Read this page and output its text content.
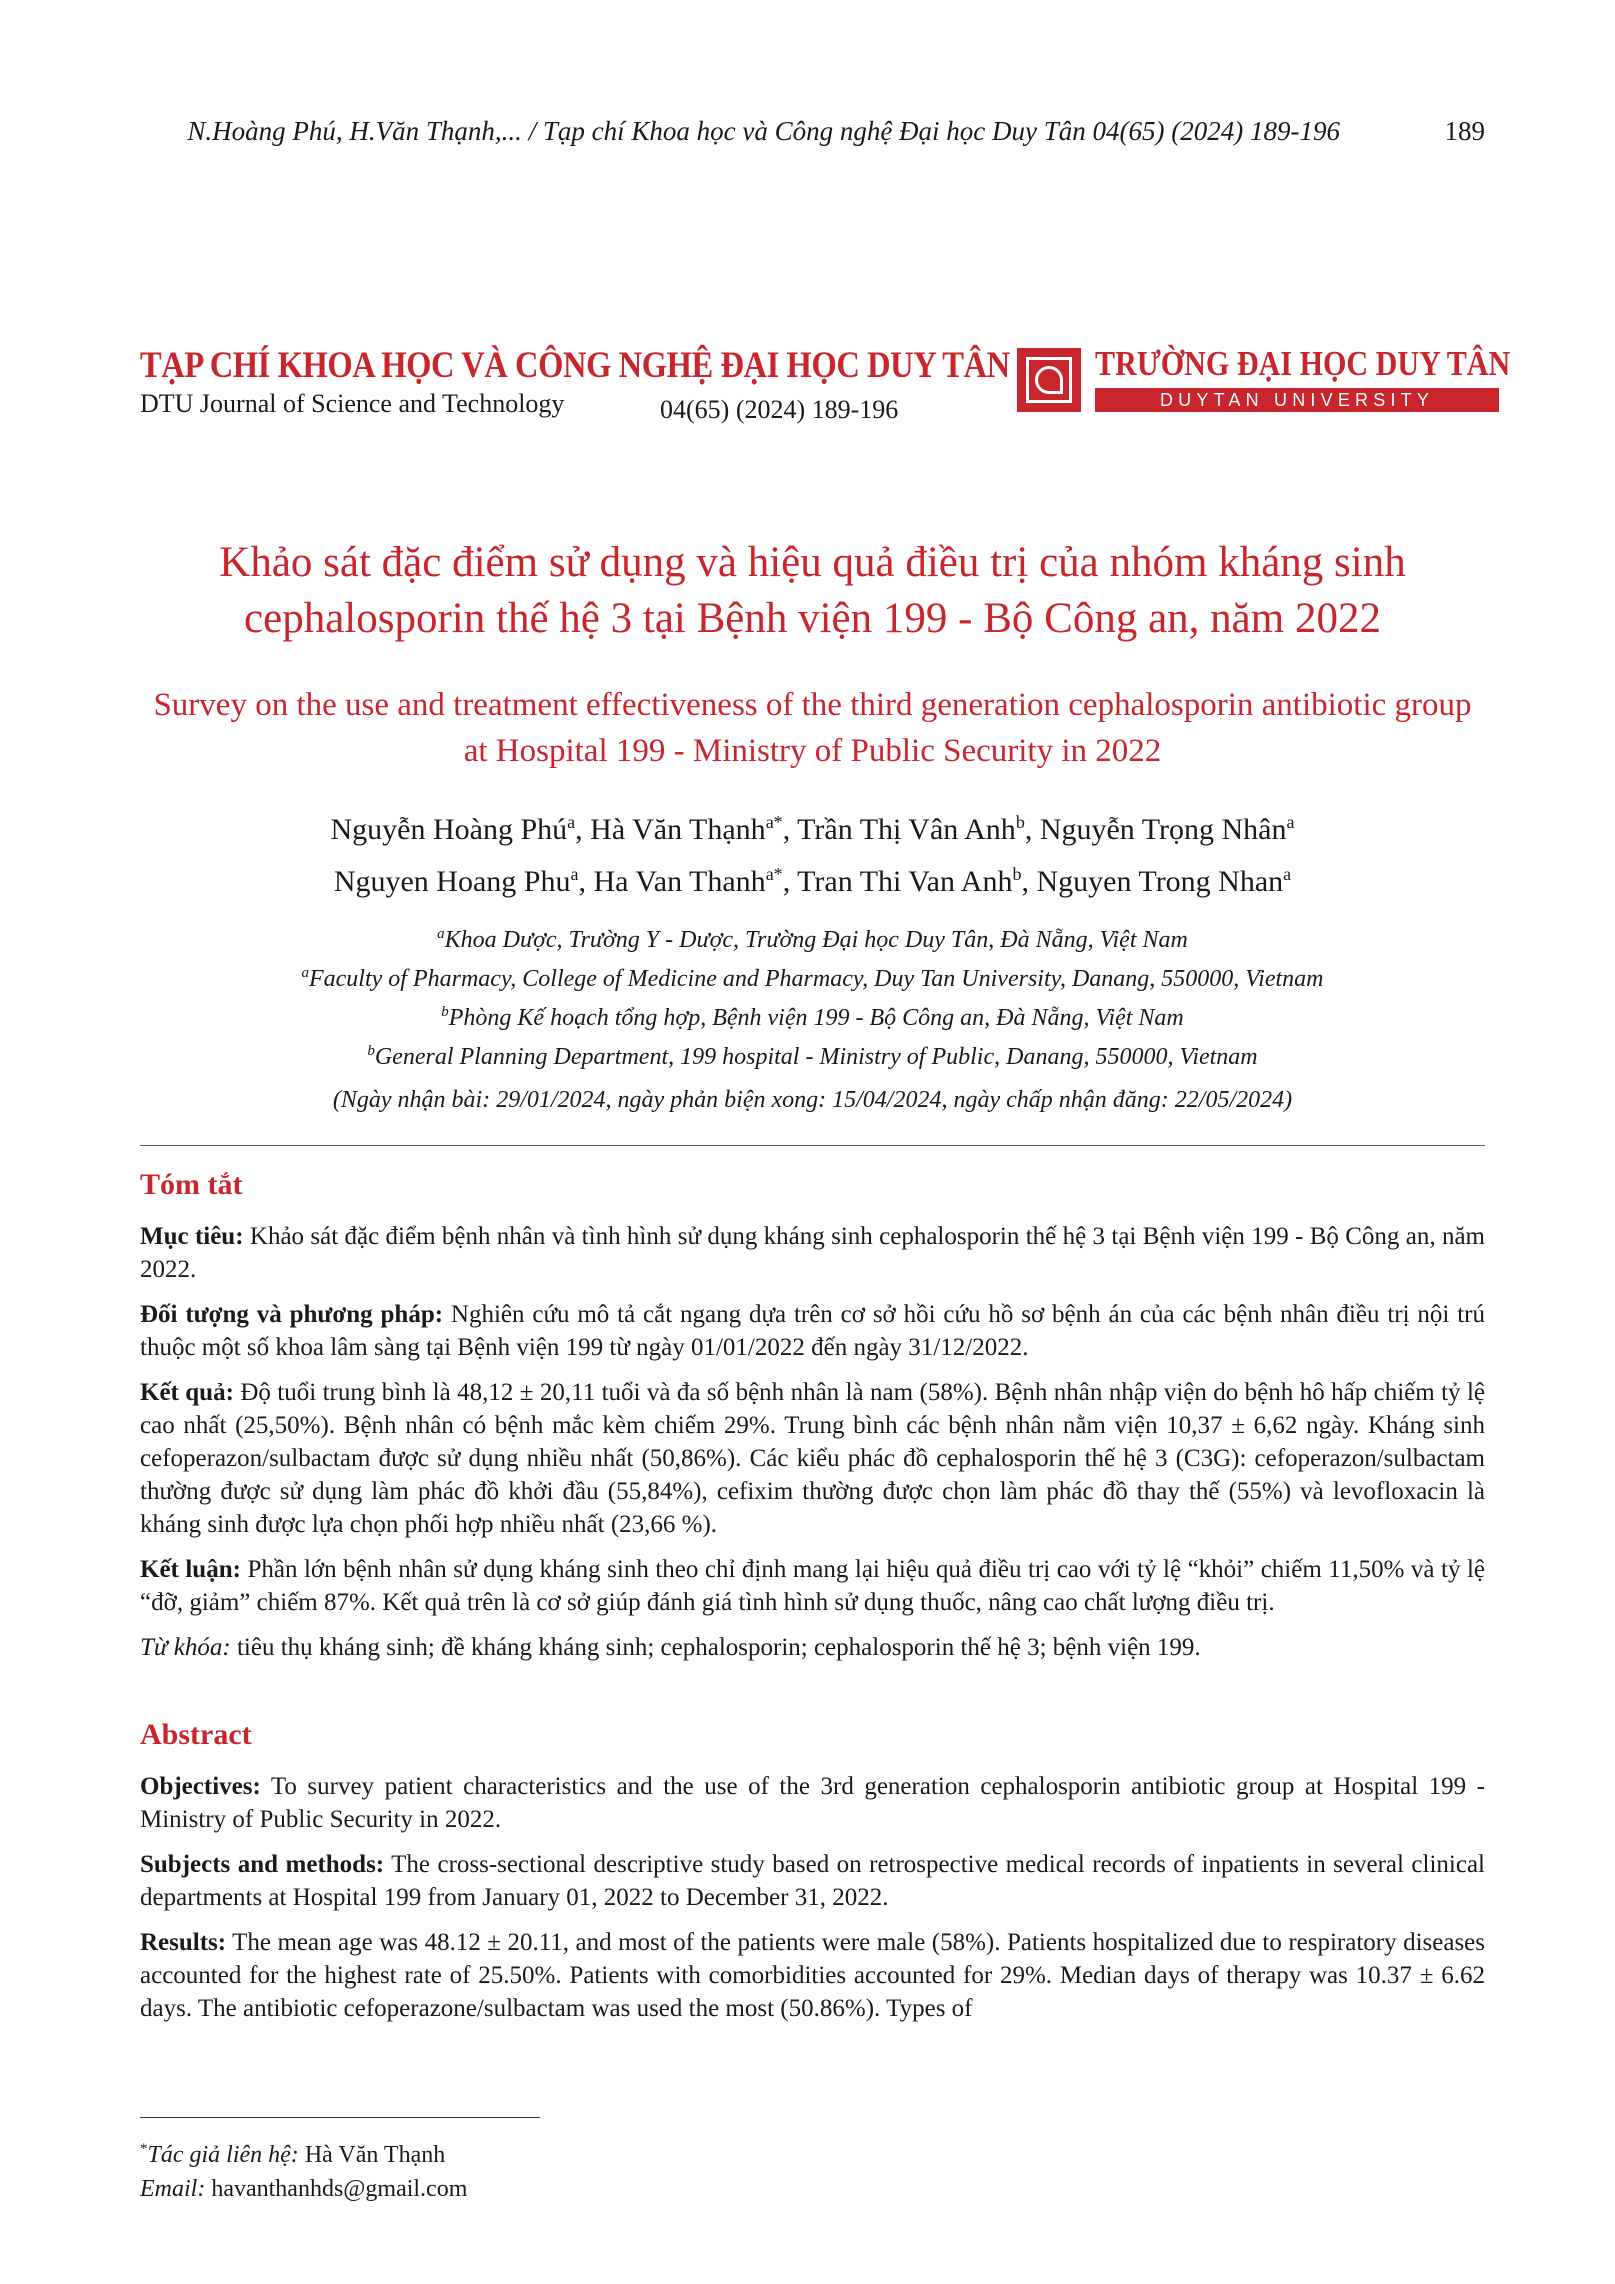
N.Hoàng Phú, H.Văn Thạnh,... / Tạp chí Khoa học và Công nghệ Đại học Duy Tân 04(65) (2024) 189-196	189
TẠP CHÍ KHOA HỌC VÀ CÔNG NGHỆ ĐẠI HỌC DUY TÂN
DTU Journal of Science and Technology	04(65) (2024) 189-196
TRƯỜNG ĐẠI HỌC DUY TÂN
DUYTAN UNIVERSITY
Khảo sát đặc điểm sử dụng và hiệu quả điều trị của nhóm kháng sinh cephalosporin thế hệ 3 tại Bệnh viện 199 - Bộ Công an, năm 2022
Survey on the use and treatment effectiveness of the third generation cephalosporin antibiotic group at Hospital 199 - Ministry of Public Security in 2022
Nguyễn Hoàng Phú$^a$, Hà Văn Thạnh$^{a*}$, Trần Thị Vân Anh$^b$, Nguyễn Trọng Nhân$^a$
Nguyen Hoang Phu$^a$, Ha Van Thanh$^{a*}$, Tran Thi Van Anh$^b$, Nguyen Trong Nhan$^a$
$^a$Khoa Dược, Trường Y - Dược, Trường Đại học Duy Tân, Đà Nẵng, Việt Nam
$^a$Faculty of Pharmacy, College of Medicine and Pharmacy, Duy Tan University, Danang, 550000, Vietnam
$^b$Phòng Kế hoạch tổng hợp, Bệnh viện 199 - Bộ Công an, Đà Nẵng, Việt Nam
$^b$General Planning Department, 199 hospital - Ministry of Public, Danang, 550000, Vietnam
(Ngày nhận bài: 29/01/2024, ngày phản biện xong: 15/04/2024, ngày chấp nhận đăng: 22/05/2024)
Tóm tắt

Mục tiêu: Khảo sát đặc điểm bệnh nhân và tình hình sử dụng kháng sinh cephalosporin thế hệ 3 tại Bệnh viện 199 - Bộ Công an, năm 2022.

Đối tượng và phương pháp: Nghiên cứu mô tả cắt ngang dựa trên cơ sở hồi cứu hồ sơ bệnh án của các bệnh nhân điều trị nội trú thuộc một số khoa lâm sàng tại Bệnh viện 199 từ ngày 01/01/2022 đến ngày 31/12/2022.

Kết quả: Độ tuổi trung bình là 48,12 ± 20,11 tuổi và đa số bệnh nhân là nam (58%). Bệnh nhân nhập viện do bệnh hô hấp chiếm tỷ lệ cao nhất (25,50%). Bệnh nhân có bệnh mắc kèm chiếm 29%. Trung bình các bệnh nhân nằm viện 10,37 ± 6,62 ngày. Kháng sinh cefoperazon/sulbactam được sử dụng nhiều nhất (50,86%). Các kiểu phác đồ cephalosporin thế hệ 3 (C3G): cefoperazon/sulbactam thường được sử dụng làm phác đồ khởi đầu (55,84%), cefixim thường được chọn làm phác đồ thay thế (55%) và levofloxacin là kháng sinh được lựa chọn phối hợp nhiều nhất (23,66 %).

Kết luận: Phần lớn bệnh nhân sử dụng kháng sinh theo chỉ định mang lại hiệu quả điều trị cao với tỷ lệ “khỏi” chiếm 11,50% và tỷ lệ “đỡ, giảm” chiếm 87%. Kết quả trên là cơ sở giúp đánh giá tình hình sử dụng thuốc, nâng cao chất lượng điều trị.

Từ khóa: tiêu thụ kháng sinh; đề kháng kháng sinh; cephalosporin; cephalosporin thế hệ 3; bệnh viện 199.

Abstract

Objectives: To survey patient characteristics and the use of the 3rd generation cephalosporin antibiotic group at Hospital 199 - Ministry of Public Security in 2022.

Subjects and methods: The cross-sectional descriptive study based on retrospective medical records of inpatients in several clinical departments at Hospital 199 from January 01, 2022 to December 31, 2022.

Results: The mean age was 48.12 ± 20.11, and most of the patients were male (58%). Patients hospitalized due to respiratory diseases accounted for the highest rate of 25.50%. Patients with comorbidities accounted for 29%. Median days of therapy was 10.37 ± 6.62 days. The antibiotic cefoperazone/sulbactam was used the most (50.86%). Types of

*Tác giả liên hệ: Hà Văn Thạnh
Email: havanthanhds@gmail.com
